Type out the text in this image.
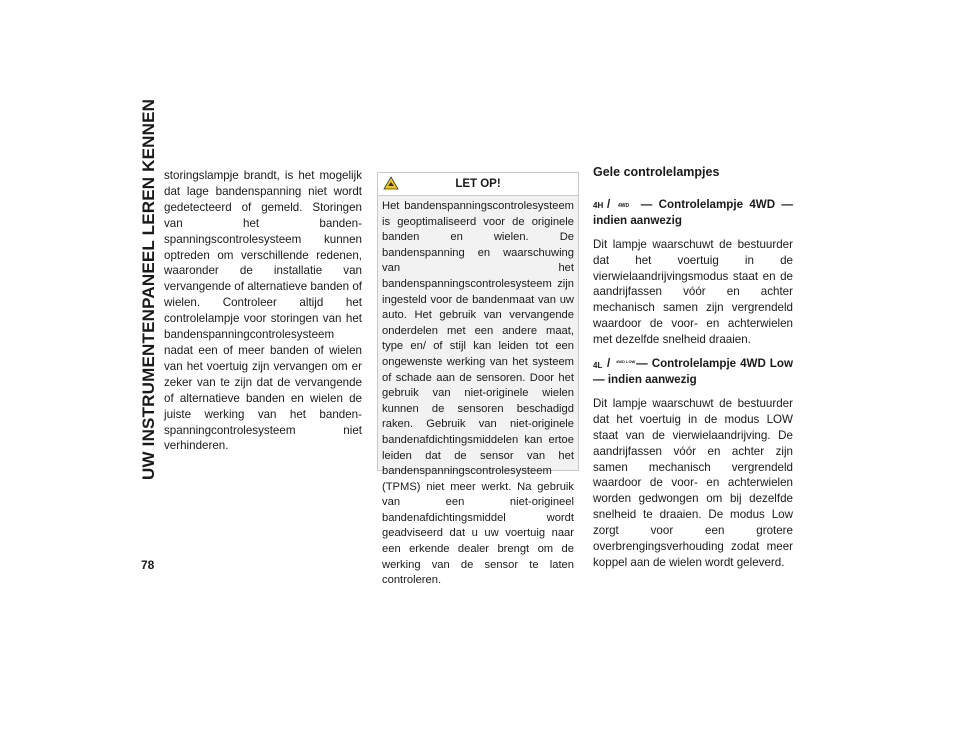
UW INSTRUMENTENPANEEL LEREN KENNEN
78

storingslampje brandt, is het mogelijk dat lage bandenspanning niet wordt gedetecteerd of gemeld. Storingen van het bandenspanningscontrolesysteem kunnen optreden om verschillende redenen, waaronder de installatie van vervangende of alternatieve banden of wielen. Controleer altijd het controlelampje voor storingen van het bandenspanningcontrolesysteem nadat een of meer banden of wielen van het voertuig zijn vervangen om er zeker van te zijn dat de vervangende of alternatieve banden en wielen de juiste werking van het bandenspanningcontrolesysteem niet verhinderen.

LET OP!
Het bandenspanningscontrolesysteem is geoptimaliseerd voor de originele banden en wielen. De bandenspanning en waarschuwing van het bandenspanningscontrolesysteem zijn ingesteld voor de bandenmaat van uw auto. Het gebruik van vervangende onderdelen met een andere maat, type en/ of stijl kan leiden tot een ongewenste werking van het systeem of schade aan de sensoren. Door het gebruik van niet-originele wielen kunnen de sensoren beschadigd raken. Gebruik van niet-originele bandenafdichtingsmiddelen kan ertoe leiden dat de sensor van het bandenspanningscontrolesysteem (TPMS) niet meer werkt. Na gebruik van een niet-origineel bandenafdichtingsmiddel wordt geadviseerd dat u uw voertuig naar een erkende dealer brengt om de werking van de sensor te laten controleren.
Gele controlelampjes
4H / 4WD — Controlelampje 4WD — indien aanwezig

Dit lampje waarschuwt de bestuurder dat het voertuig in de vierwielaandrijvingsmodus staat en de aandrijfassen vóór en achter mechanisch samen zijn vergrendeld waardoor de voor- en achterwielen met dezelfde snelheid draaien.

4L / 4WD LOW — Controlelampje 4WD Low — indien aanwezig

Dit lampje waarschuwt de bestuurder dat het voertuig in de modus LOW staat van de vierwielaandrijving. De aandrijfassen vóór en achter zijn samen mechanisch vergrendeld waardoor de voor- en achterwielen worden gedwongen om bij dezelfde snelheid te draaien. De modus Low zorgt voor een grotere overbrengingsverhouding zodat meer koppel aan de wielen wordt geleverd.
